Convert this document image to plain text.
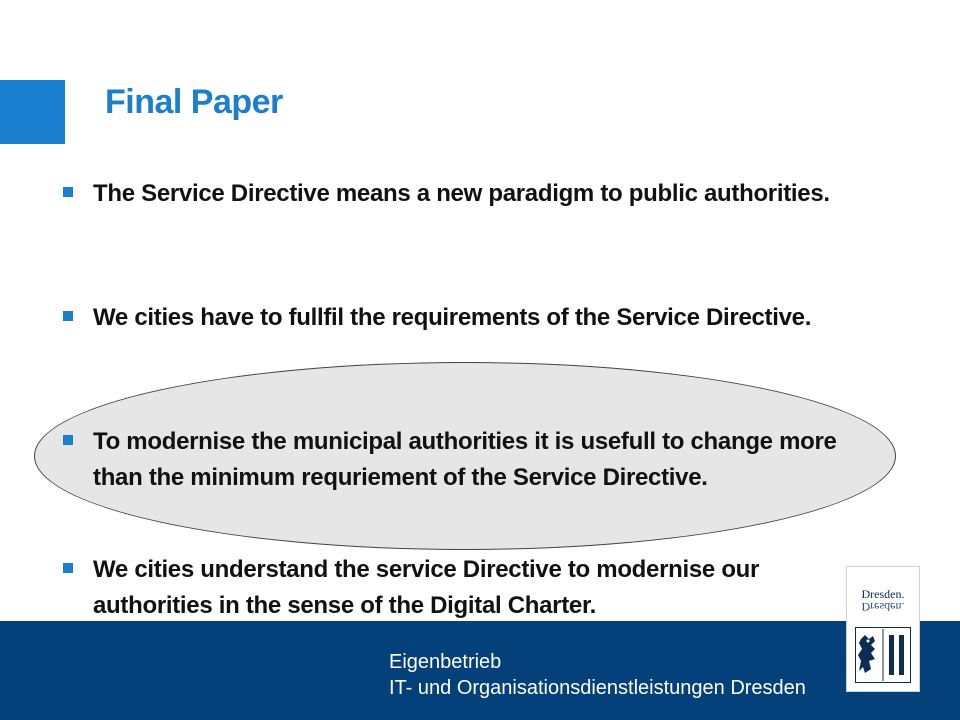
Final Paper
The Service Directive means a new paradigm to public authorities.
We cities have to fullfil the requirements of the Service Directive.
To modernise the municipal authorities it is usefull to change more than the minimum requriement of the Service Directive.
We cities understand the service Directive to modernise our authorities in the sense of the Digital Charter.
Eigenbetrieb
IT- und Organisationsdienstleistungen Dresden
Dresden.
Dresden.
